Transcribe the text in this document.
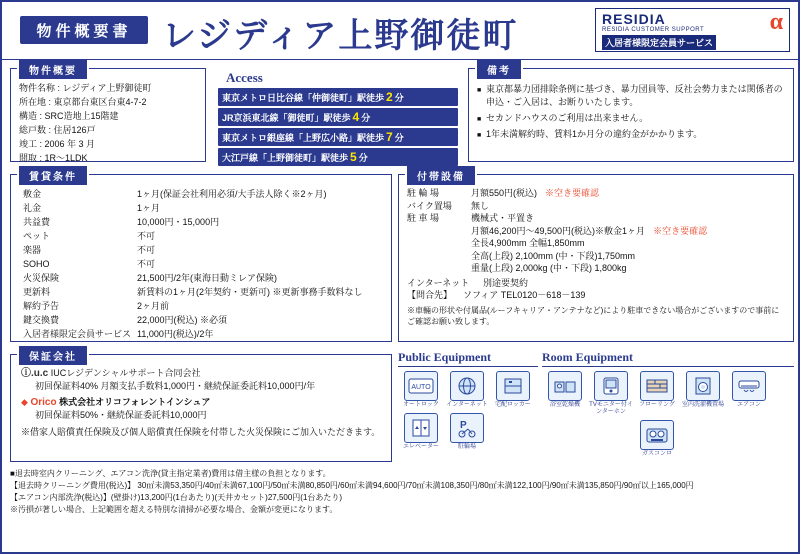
物件概要書 レジディア上野御徒町	RESIDIA
RESIDIA CUSTOMER SUPPORT
入居者様限定会員サービス
α
物件概要
物件名称 : レジディア上野御徒町
所在地 : 東京都台東区台東4-7-2
構造 : SRC造地上15階建
総戸数 : 住居126戸
竣工 : 2006 年 3 月
間取 : 1R～1LDK
Access
東京メトロ日比谷線「仲御徒町」駅徒歩 2 分
JR京浜東北線「御徒町」駅徒歩 4 分
東京メトロ銀座線「上野広小路」駅徒歩 7 分
大江戸線「上野御徒町」駅徒歩 5 分
備考
■ 東京都暴力団排除条例に基づき、暴力団員等、反社会勢力または関係者の申込・ご入居は、お断りいたします。
■ セカンドハウスのご利用は出来ません。
■ 1年未満解約時、賃料1か月分の違約金がかかります。
賃貸条件
敷金	1ヶ月(保証会社利用必須/大手法人除く※2ヶ月)
礼金	1ヶ月
共益費	10,000円・15,000円
ペット	不可
楽器	不可
SOHO	不可
火災保険	21,500円/2年(東海日動ミレア保険)
更新料	新賃料の1ヶ月(2年契約・更新可) ※更新事務手数料なし
解約予告	2ヶ月前
鍵交換費	22,000円(税込) ※必須
入居者様限定会員サービス	11,000円(税込)/2年
付帯設備
駐 輪 場	月額550円(税込) ※空き要確認
バイク置場	無し
駐 車 場	機械式・平置き
月額46,200円～49,500円(税込)※敷金1ヶ月 ※空き要確認
全長4,900mm 全幅1,850mm
全高(上段) 2,100mm (中・下段)1,750mm
重量(上段) 2,000kg (中・下段) 1,800kg
インターネット	別途要契約
【問合先】	ソフィア TEL0120－618－139
※車輛の形状や付属品(ルーフキャリア・アンテナなど)により駐車できない場合がございますので事前にご確認お願い致します。
保証会社
ⓘ.u.c IUCレジデンシャルサポート合同会社
初回保証料40% 月額支払手数料1,000円・継続保証委託料10,000円/年
◆ Orico 株式会社オリコフォレントインシュア
初回保証料50%・継続保証委託料10,000円
※借家人賠償責任保険及び個人賠償責任保険を付帯した火災保険にご加入いただきます。
Public Equipment
AUTO
オートロック	インターネット	宅配ロッカー
エレベーター
P
駐輪場
Room Equipment
浴室乾燥機	TVモニター付インターホン
フローリング	室内洗濯機置場	エアコン
ガスコンロ
■退去時室内クリーニング、エアコン洗浄(貸主指定業者)費用は借主様の負担となります。
【退去時クリーニング費用(税込)】 30㎡未満53,350円/40㎡未満67,100円/50㎡未満80,850円/60㎡未満94,600円/70㎡未満108,350円/80㎡未満122,100円/90㎡未満135,850円/90㎡以上165,000円
【エアコン内部洗浄(税込)】(壁掛け)13,200円(1台あたり)(天井カセット)27,500円(1台あたり)
※汚損が著しい場合、上記範囲を超える特別な清掃が必要な場合、金額が変更になります。
